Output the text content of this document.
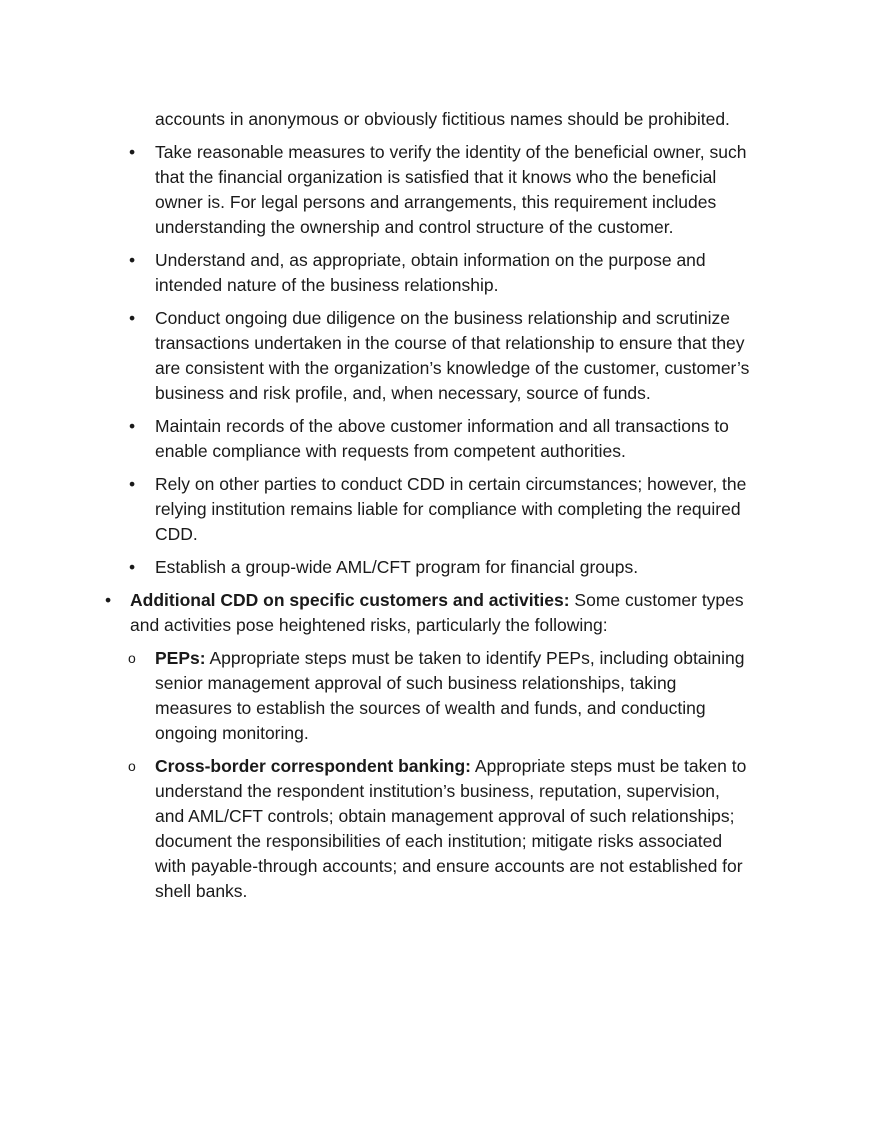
accounts in anonymous or obviously fictitious names should be prohibited.

• Take reasonable measures to verify the identity of the beneficial owner, such that the financial organization is satisfied that it knows who the beneficial owner is. For legal persons and arrangements, this requirement includes understanding the ownership and control structure of the customer.

• Understand and, as appropriate, obtain information on the purpose and intended nature of the business relationship.

• Conduct ongoing due diligence on the business relationship and scrutinize transactions undertaken in the course of that relationship to ensure that they are consistent with the organization’s knowledge of the customer, customer’s business and risk profile, and, when necessary, source of funds.

• Maintain records of the above customer information and all transactions to enable compliance with requests from competent authorities.

• Rely on other parties to conduct CDD in certain circumstances; however, the relying institution remains liable for compliance with completing the required CDD.

• Establish a group-wide AML/CFT program for financial groups.

• Additional CDD on specific customers and activities: Some customer types and activities pose heightened risks, particularly the following:

o PEPs: Appropriate steps must be taken to identify PEPs, including obtaining senior management approval of such business relationships, taking measures to establish the sources of wealth and funds, and conducting ongoing monitoring.

o Cross-border correspondent banking: Appropriate steps must be taken to understand the respondent institution’s business, reputation, supervision, and AML/CFT controls; obtain management approval of such relationships; document the responsibilities of each institution; mitigate risks associated with payable-through accounts; and ensure accounts are not established for shell banks.
